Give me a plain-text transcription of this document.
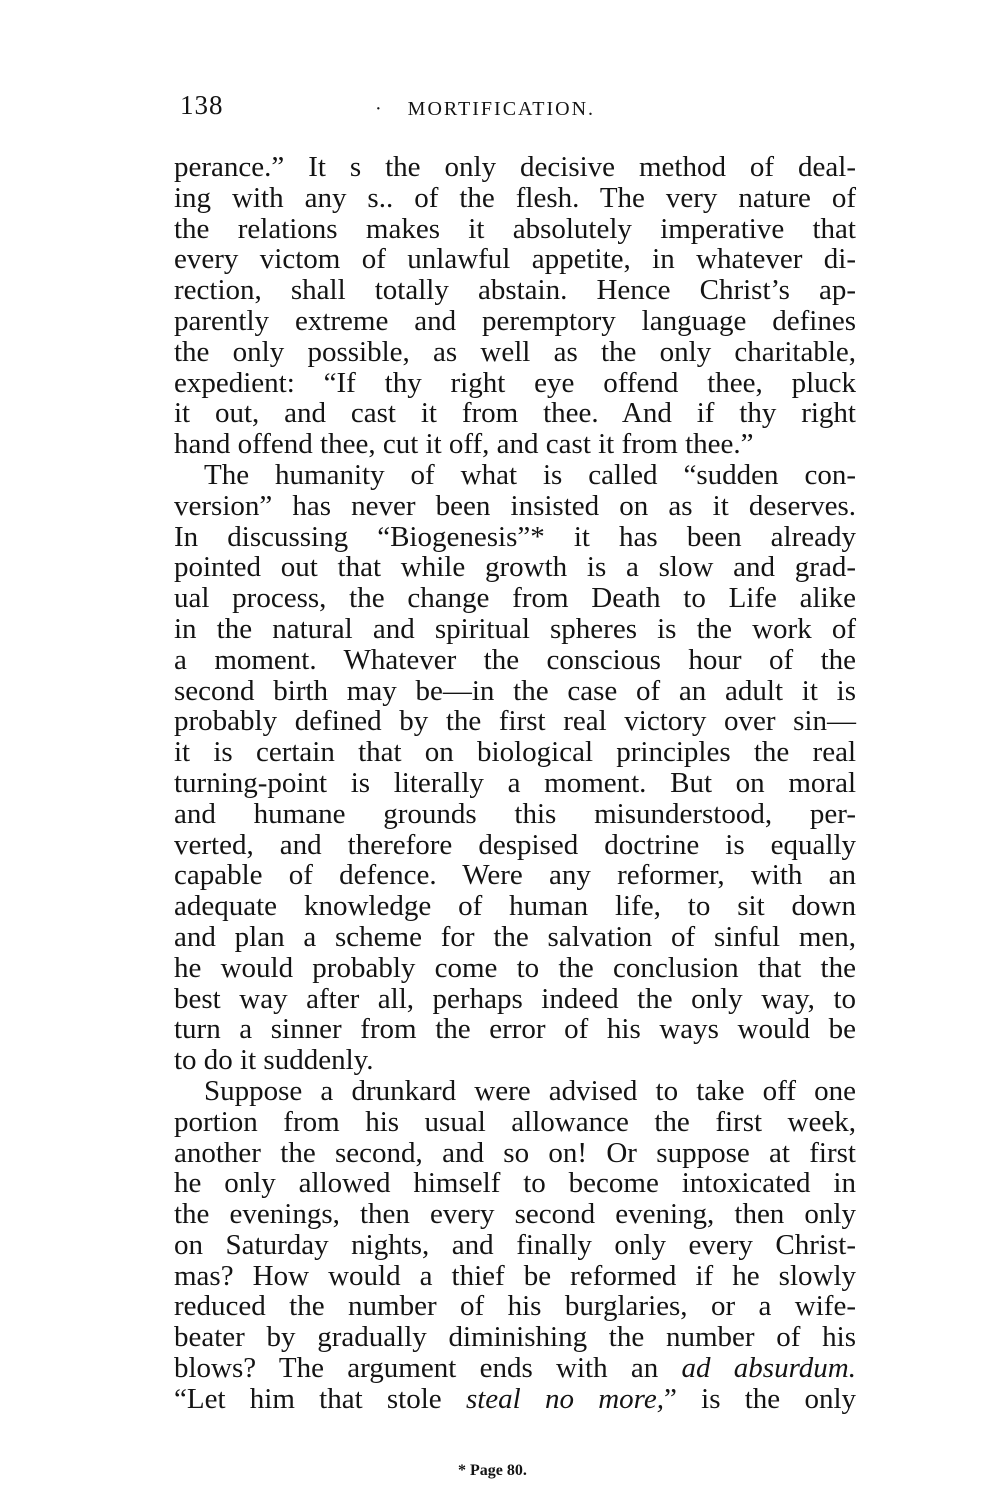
138	· MORTIFICATION.
perance.” It s the only decisive method of deal-
ing with any s.. of the flesh. The very nature of
the relations makes it absolutely imperative that
every victom of unlawful appetite, in whatever di-
rection, shall totally abstain. Hence Christ’s ap-
parently extreme and peremptory language defines
the only possible, as well as the only charitable,
expedient: “If thy right eye offend thee, pluck
it out, and cast it from thee. And if thy right
hand offend thee, cut it off, and cast it from thee.”
The humanity of what is called “sudden con-
version” has never been insisted on as it deserves.
In discussing “Biogenesis”* it has been already
pointed out that while growth is a slow and grad-
ual process, the change from Death to Life alike
in the natural and spiritual spheres is the work of
a moment. Whatever the conscious hour of the
second birth may be—in the case of an adult it is
probably defined by the first real victory over sin—
it is certain that on biological principles the real
turning-point is literally a moment. But on moral
and humane grounds this misunderstood, per-
verted, and therefore despised doctrine is equally
capable of defence. Were any reformer, with an
adequate knowledge of human life, to sit down
and plan a scheme for the salvation of sinful men,
he would probably come to the conclusion that the
best way after all, perhaps indeed the only way, to
turn a sinner from the error of his ways would be
to do it suddenly.
Suppose a drunkard were advised to take off one
portion from his usual allowance the first week,
another the second, and so on! Or suppose at first
he only allowed himself to become intoxicated in
the evenings, then every second evening, then only
on Saturday nights, and finally only every Christ-
mas? How would a thief be reformed if he slowly
reduced the number of his burglaries, or a wife-
beater by gradually diminishing the number of his
blows? The argument ends with an ad absurdum.
“Let him that stole steal no more,” is the only
* Page 80.
